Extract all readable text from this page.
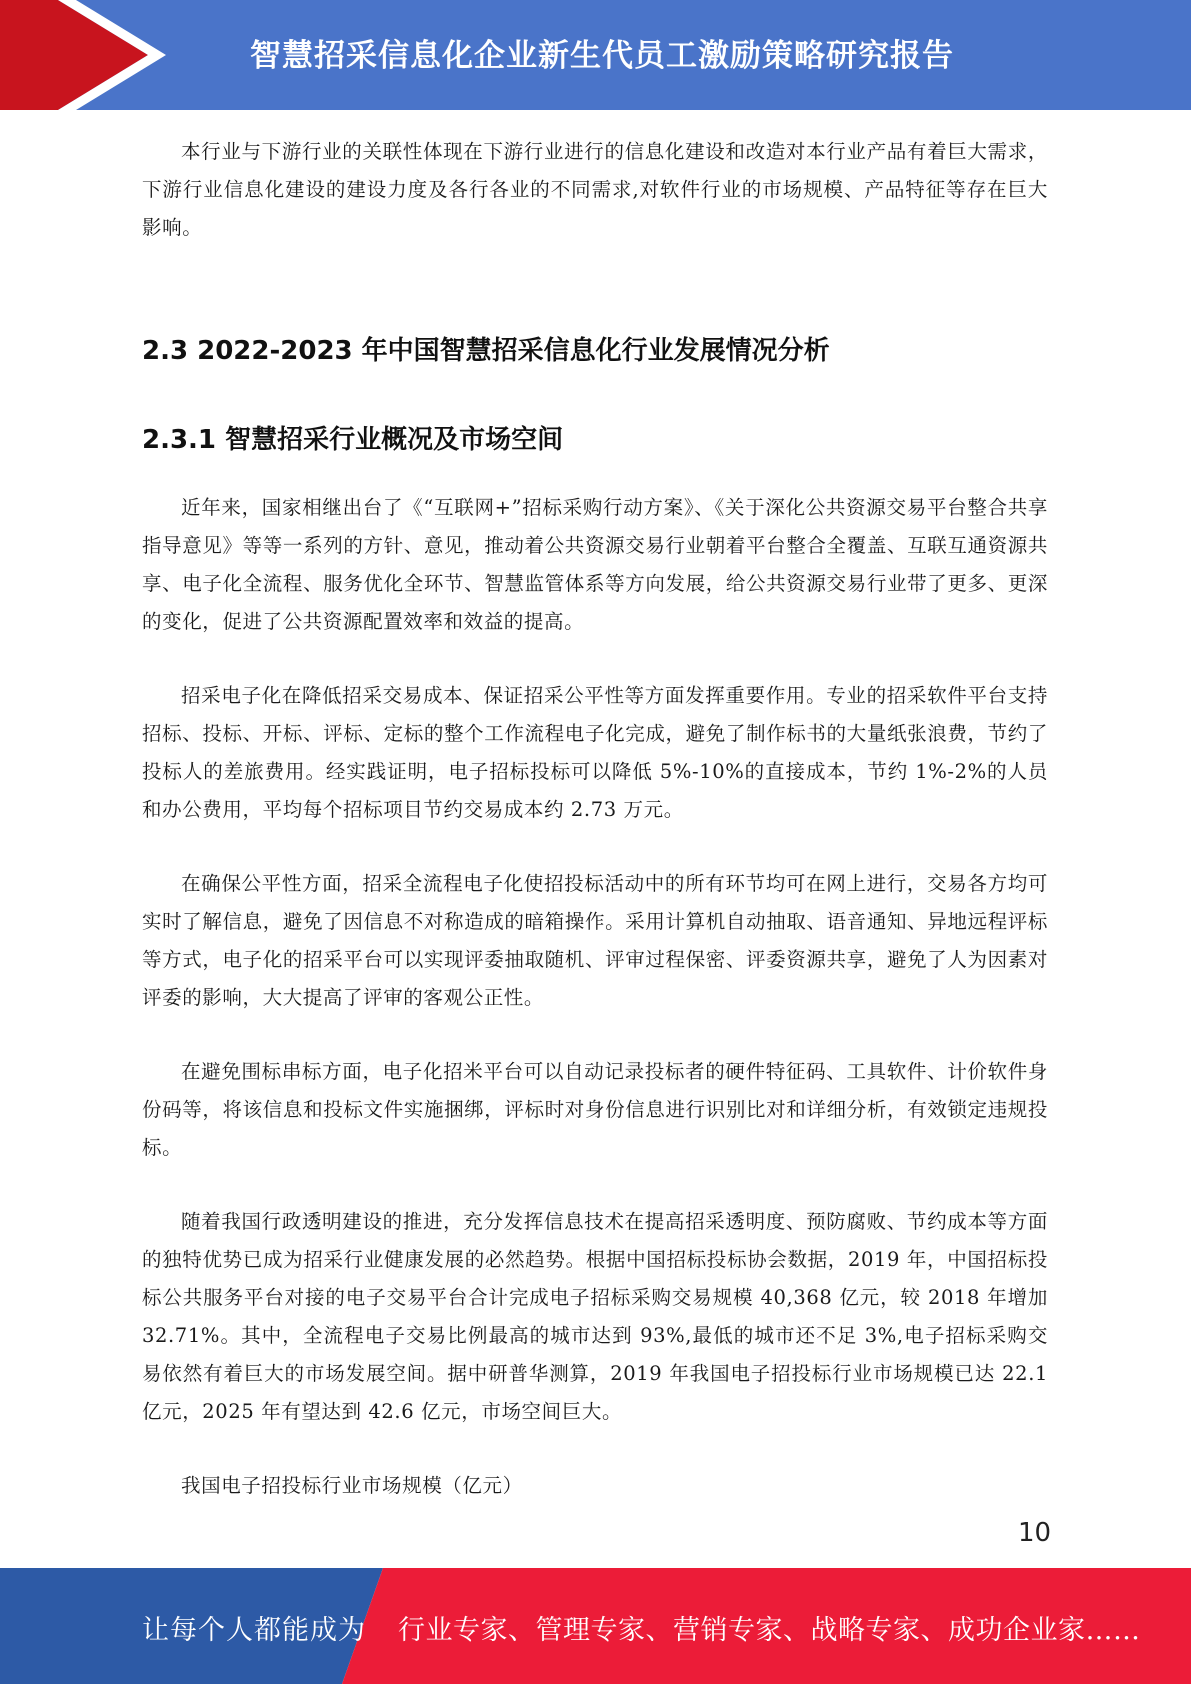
智慧招采信息化企业新生代员工激励策略研究报告

本行业与下游行业的关联性体现在下游行业进行的信息化建设和改造对本行业产品有着巨大需求，下游行业信息化建设的建设力度及各行各业的不同需求,对软件行业的市场规模、产品特征等存在巨大影响。

2.3 2022-2023 年中国智慧招采信息化行业发展情况分析
2.3.1 智慧招采行业概况及市场空间

近年来，国家相继出台了《“互联网+”招标采购行动方案》、《关于深化公共资源交易平台整合共享指导意见》等等一系列的方针、意见，推动着公共资源交易行业朝着平台整合全覆盖、互联互通资源共享、电子化全流程、服务优化全环节、智慧监管体系等方向发展，给公共资源交易行业带了更多、更深的变化，促进了公共资源配置效率和效益的提高。

招采电子化在降低招采交易成本、保证招采公平性等方面发挥重要作用。专业的招采软件平台支持招标、投标、开标、评标、定标的整个工作流程电子化完成，避免了制作标书的大量纸张浪费，节约了投标人的差旅费用。经实践证明，电子招标投标可以降低 5%-10%的直接成本，节约 1%-2%的人员和办公费用，平均每个招标项目节约交易成本约 2.73 万元。

在确保公平性方面，招采全流程电子化使招投标活动中的所有环节均可在网上进行，交易各方均可实时了解信息，避免了因信息不对称造成的暗箱操作。采用计算机自动抽取、语音通知、异地远程评标等方式，电子化的招采平台可以实现评委抽取随机、评审过程保密、评委资源共享，避免了人为因素对评委的影响，大大提高了评审的客观公正性。

在避免围标串标方面，电子化招米平台可以自动记录投标者的硬件特征码、工具软件、计价软件身份码等，将该信息和投标文件实施捆绑，评标时对身份信息进行识别比对和详细分析，有效锁定违规投标。

随着我国行政透明建设的推进，充分发挥信息技术在提高招采透明度、预防腐败、节约成本等方面的独特优势已成为招采行业健康发展的必然趋势。根据中国招标投标协会数据，2019 年，中国招标投标公共服务平台对接的电子交易平台合计完成电子招标采购交易规模 40,368 亿元，较 2018 年增加 32.71%。其中，全流程电子交易比例最高的城市达到 93%,最低的城市还不足 3%,电子招标采购交易依然有着巨大的市场发展空间。据中研普华测算，2019 年我国电子招投标行业市场规模已达 22.1 亿元，2025 年有望达到 42.6 亿元，市场空间巨大。

我国电子招投标行业市场规模（亿元）

10
让每个人都能成为 行业专家、管理专家、营销专家、战略专家、成功企业家……
